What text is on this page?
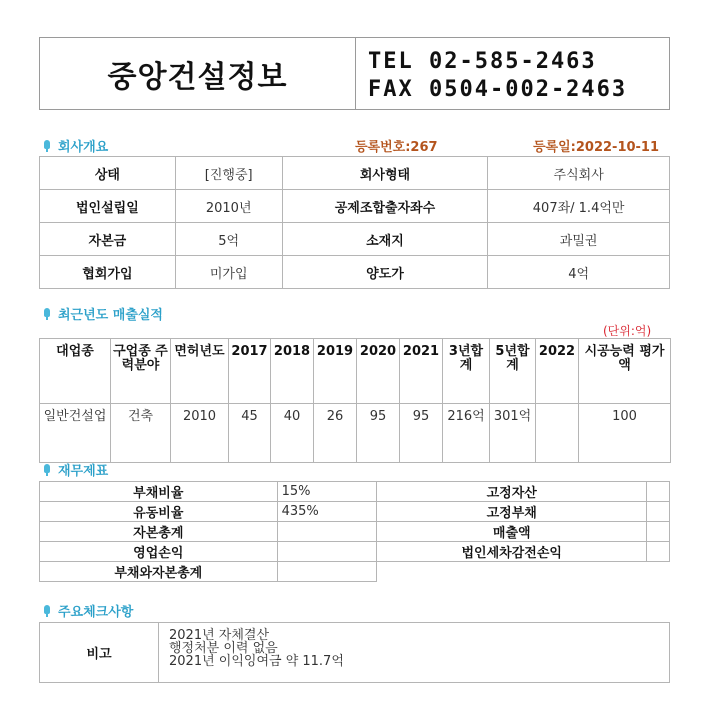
중앙건설정보	TEL 02-585-2463
FAX 0504-002-2463
회사개요	등록번호:267	등록일:2022-10-11
상태	[진행중]	회사형태	주식회사
법인설립일	2010년	공제조합출자좌수	407좌/ 1.4억만
자본금	5억	소재지	과밀권
협회가입	미가입	양도가	4억
최근년도 매출실적
(단위:억)
대업종	구업종 주력분야	면허년도	2017	2018	2019	2020	2021	3년합계	5년합계	2022	시공능력 평가액
일반건설업	건축	2010	45	40	26	95	95	216억	301억		100
재무제표
부채비율	15%	고정자산	
유동비율	435%	고정부채	
자본총계		매출액	
영업손익		법인세차감전손익	
부채와자본총계			
주요체크사항
비고	
2021년 자체결산
행정처분 이력 없음
2021년 이익잉여금 약 11.7억
